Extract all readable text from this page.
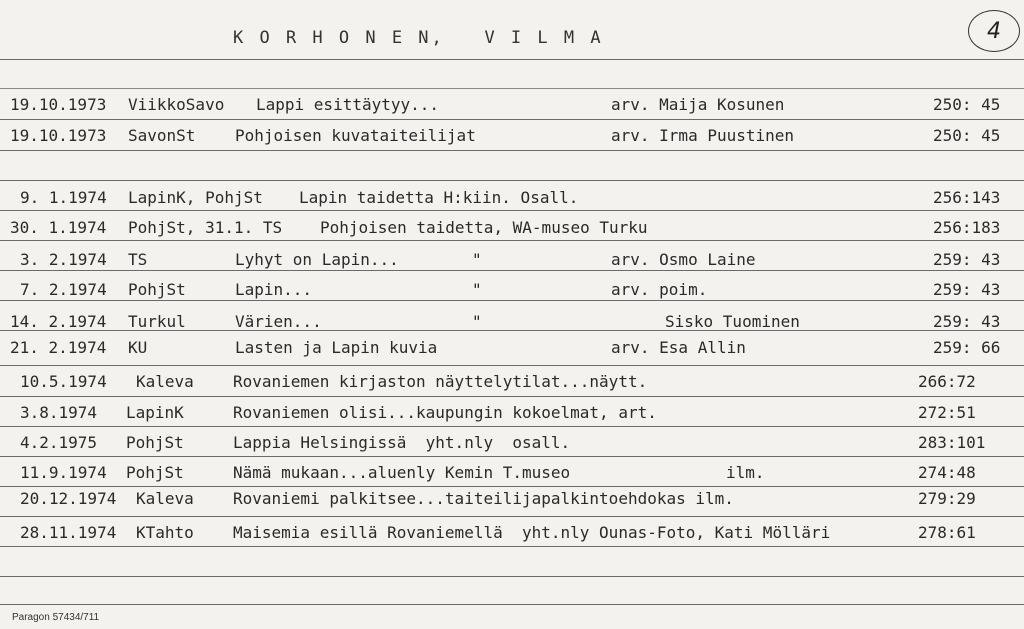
K O R H O N E N,   V I L M A	4
19.10.1973 ViikkoSavo Lappi esittäytyy...	arv. Maija Kosunen	250: 45
19.10.1973 SavonSt Pohjoisen kuvataiteilijat	arv. Irma Puustinen	250: 45
9. 1.1974 LapinK, PohjSt Lapin taidetta H:kiin. Osall.	256:143
30. 1.1974 PohjSt, 31.1. TS Pohjoisen taidetta, WA-museo Turku	256:183
3. 2.1974 TS	Lyhyt on Lapin...	"	arv. Osmo Laine	259: 43
7. 2.1974 PohjSt	Lapin...	"	arv. poim.	259: 43
14. 2.1974 Turkul	Värien...	"	Sisko Tuominen	259: 43
21. 2.1974 KU	Lasten ja Lapin kuvia	arv. Esa Allin	259: 66
10.5.1974 Kaleva Rovaniemen kirjaston näyttelytilat...näytt.	266:72
3.8.1974 LapinK	Rovaniemen olisi...kaupungin kokoelmat, art.	272:51
4.2.1975 PohjSt	Lappia Helsingissä  yht.nly  osall.	283:101
11.9.1974 PohjSt	Nämä mukaan...aluenly Kemin T.museo	ilm.	274:48
20.12.1974 Kaleva Rovaniemi palkitsee...taiteilijapalkintoehdokas ilm.	279:29
28.11.1974 KTahto Maisemia esillä Rovaniemellä  yht.nly Ounas-Foto, Kati Mölläri	278:61
Paragon 57434/711
